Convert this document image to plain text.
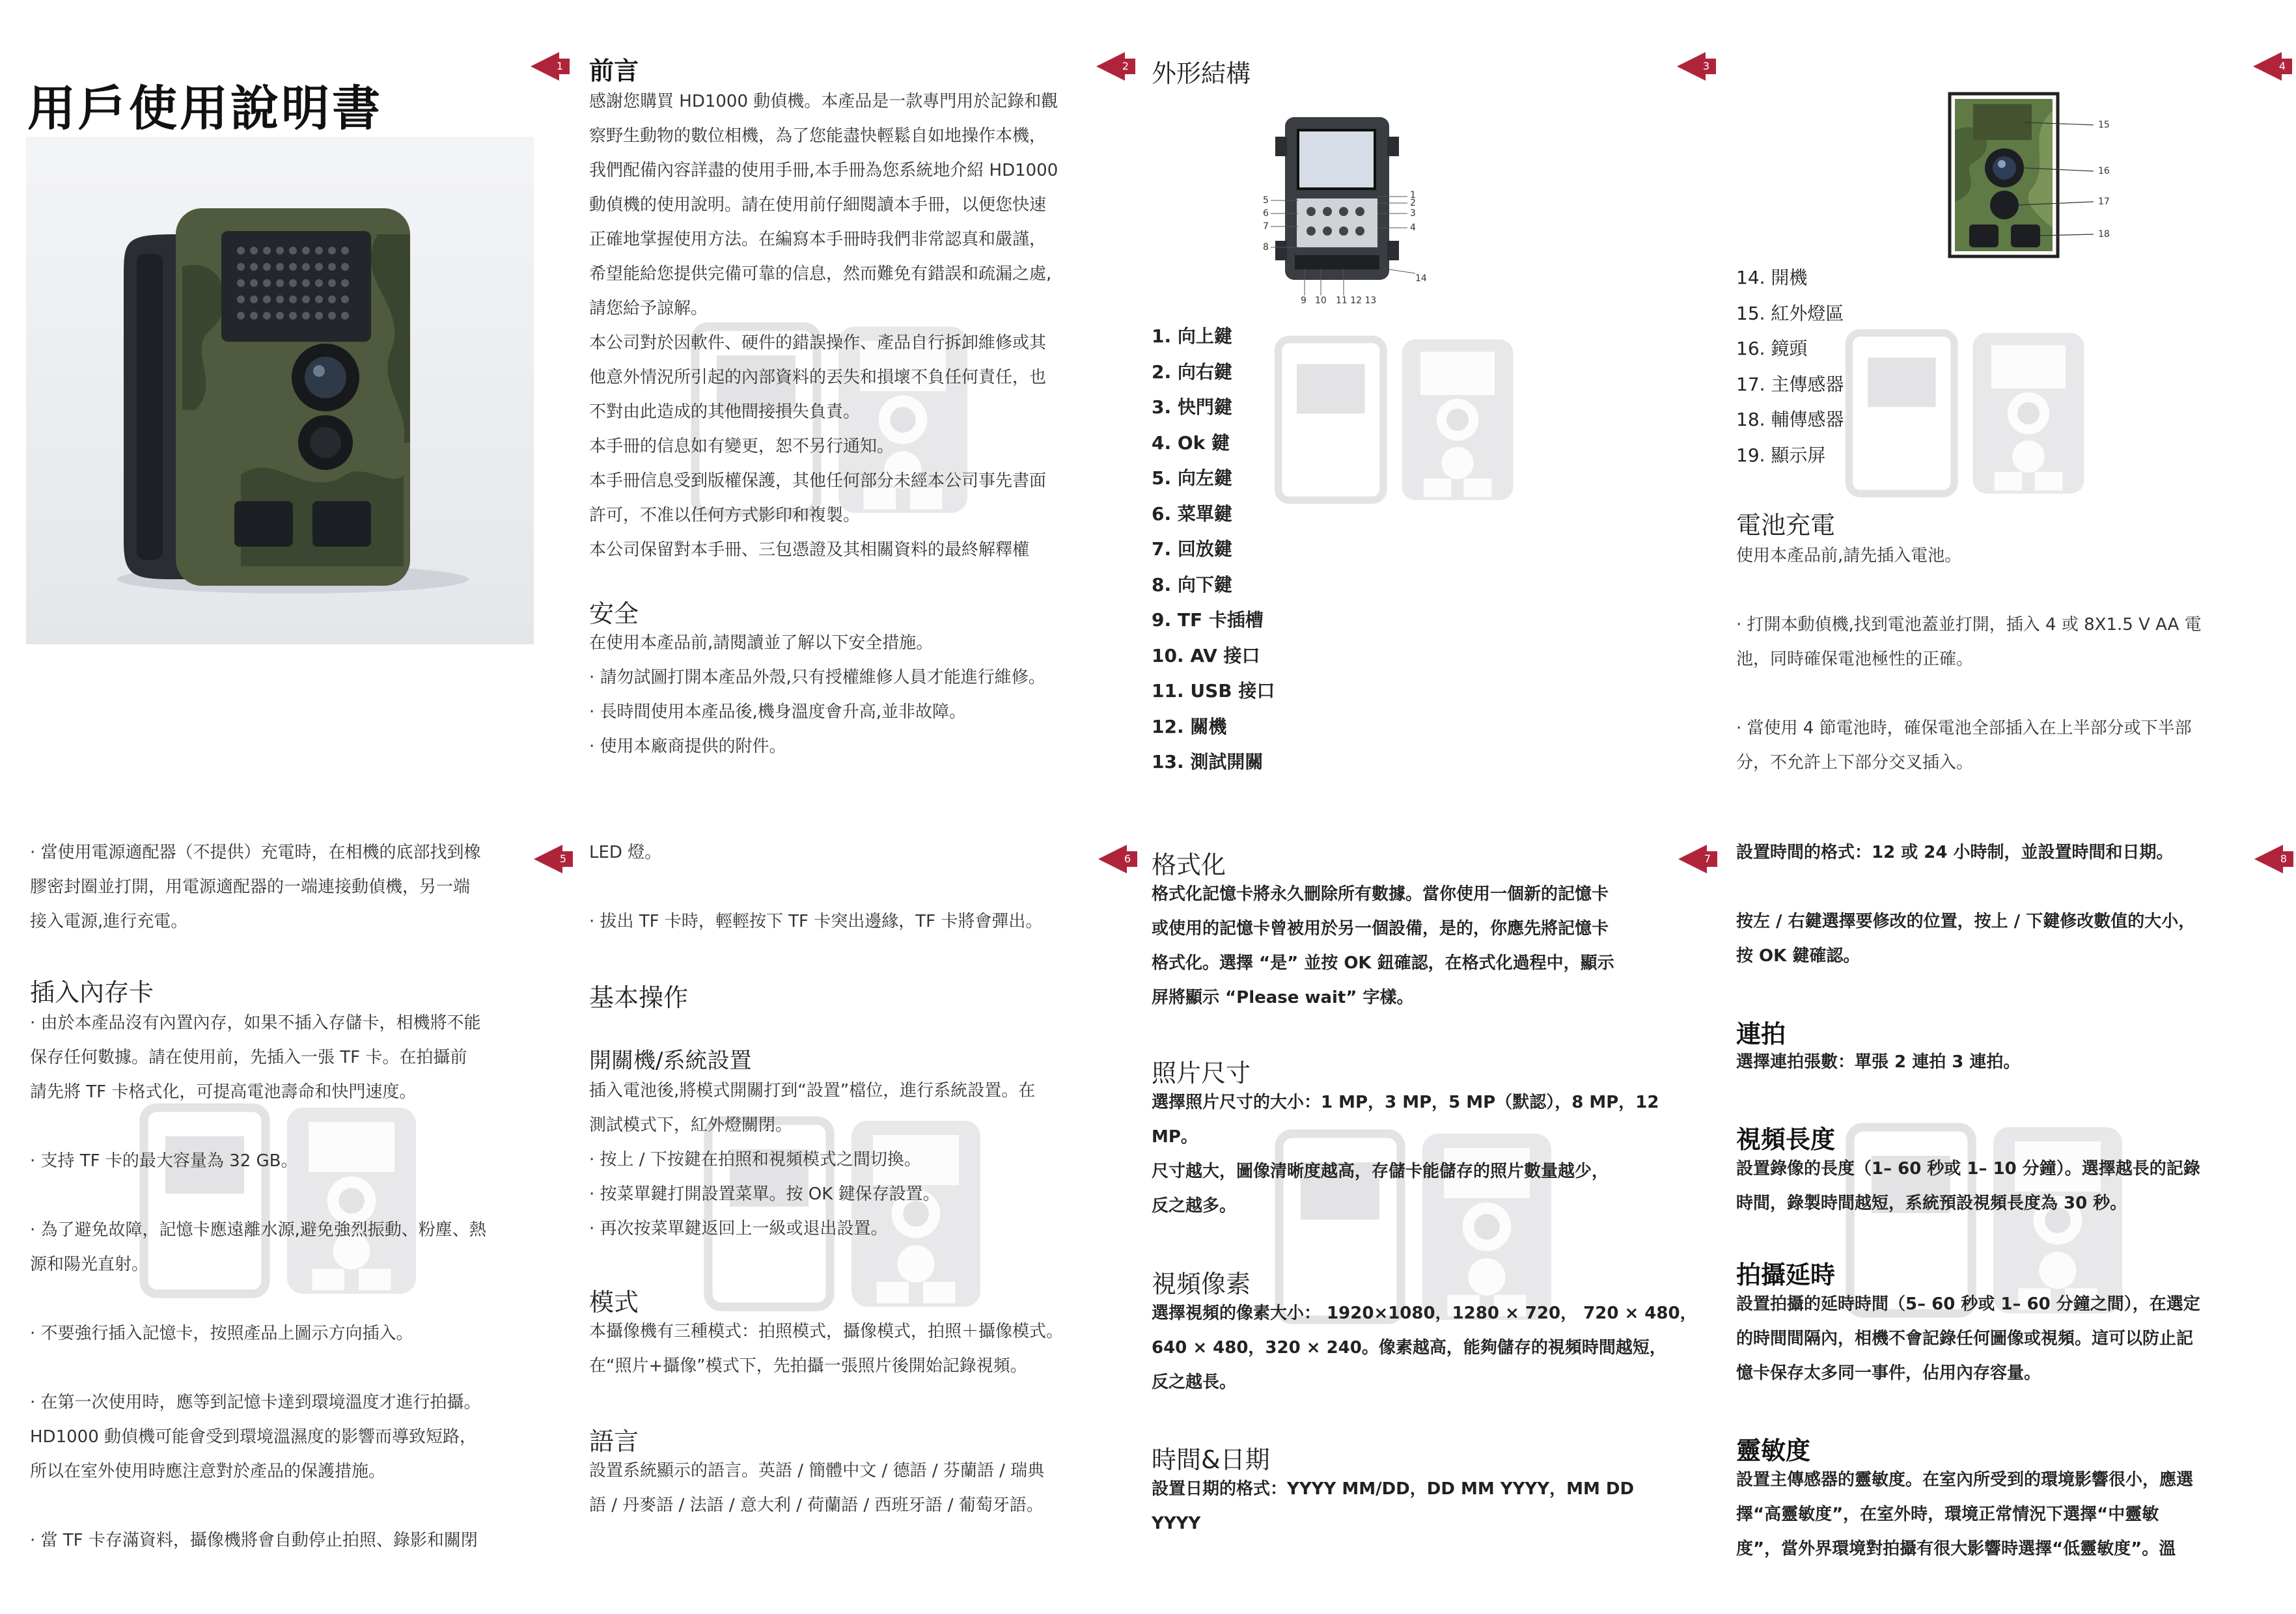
用戶使用說明書
1 前言
感謝您購買 HD1000 動偵機。本產品是一款專門用於記錄和觀
察野生動物的數位相機，為了您能盡快輕鬆自如地操作本機，
我們配備內容詳盡的使用手冊,本手冊為您系統地介紹 HD1000
動偵機的使用說明。請在使用前仔細閱讀本手冊，以便您快速
正確地掌握使用方法。在編寫本手冊時我們非常認真和嚴謹，
希望能給您提供完備可靠的信息，然而難免有錯誤和疏漏之處,
請您給予諒解。
本公司對於因軟件、硬件的錯誤操作、產品自行拆卸維修或其
他意外情況所引起的內部資料的丟失和損壞不負任何責任，也
不對由此造成的其他間接損失負責。
本手冊的信息如有變更，恕不另行通知。
本手冊信息受到版權保護，其他任何部分未經本公司事先書面
許可，不准以任何方式影印和複製。
本公司保留對本手冊、三包憑證及其相關資料的最終解釋權
安全
在使用本產品前,請閱讀並了解以下安全措施。
· 請勿試圖打開本產品外殼,只有授權維修人員才能進行維修。
· 長時間使用本產品後,機身溫度會升高,並非故障。
· 使用本廠商提供的附件。
2 外形結構
5
6
7
8
1
2
3
4
9 10 11 12 13
14
1. 向上鍵
2. 向右鍵
3. 快門鍵
4. Ok 鍵
5. 向左鍵
6. 菜單鍵
7. 回放鍵
8. 向下鍵
9. TF 卡插槽
10. AV 接口
11. USB 接口
12. 關機
13. 測試開關
3	4
15
16
17
18
14. 開機
15. 紅外燈區
16. 鏡頭
17. 主傳感器
18. 輔傳感器
19. 顯示屏
電池充電
使用本產品前,請先插入電池。

· 打開本動偵機,找到電池蓋並打開，插入 4 或 8X1.5 V AA 電
池，同時確保電池極性的正確。

· 當使用 4 節電池時，確保電池全部插入在上半部分或下半部
分，不允許上下部分交叉插入。
5
· 當使用電源適配器（不提供）充電時，在相機的底部找到橡
膠密封圈並打開，用電源適配器的一端連接動偵機，另一端
接入電源,進行充電。
插入內存卡
· 由於本產品沒有內置內存，如果不插入存儲卡，相機將不能
保存任何數據。請在使用前，先插入一張 TF 卡。在拍攝前
請先將 TF 卡格式化，可提高電池壽命和快門速度。

· 支持 TF 卡的最大容量為 32 GB。

· 為了避免故障，記憶卡應遠離水源,避免強烈振動、粉塵、熱
源和陽光直射。

· 不要強行插入記憶卡，按照產品上圖示方向插入。

· 在第一次使用時，應等到記憶卡達到環境溫度才進行拍攝。
HD1000 動偵機可能會受到環境溫濕度的影響而導致短路，
所以在室外使用時應注意對於產品的保護措施。

· 當 TF 卡存滿資料，攝像機將會自動停止拍照、錄影和關閉
6
LED 燈。

· 拔出 TF 卡時，輕輕按下 TF 卡突出邊緣，TF 卡將會彈出。
基本操作
開關機/系統設置
插入電池後,將模式開關打到“設置”檔位，進行系統設置。在
測試模式下，紅外燈關閉。
· 按上 / 下按鍵在拍照和視頻模式之間切換。
· 按菜單鍵打開設置菜單。按 OK 鍵保存設置。
· 再次按菜單鍵返回上一級或退出設置。
模式
本攝像機有三種模式：拍照模式，攝像模式，拍照＋攝像模式。
在“照片+攝像”模式下，先拍攝一張照片後開始記錄視頻。
語言
設置系統顯示的語言。英語 / 簡體中文 / 德語 / 芬蘭語 / 瑞典
語 / 丹麥語 / 法語 / 意大利 / 荷蘭語 / 西班牙語 / 葡萄牙語。
7
格式化
格式化記憶卡將永久刪除所有數據。當你使用一個新的記憶卡
或使用的記憶卡曾被用於另一個設備，是的，你應先將記憶卡
格式化。選擇 “是” 並按 OK 鈕確認，在格式化過程中，顯示
屏將顯示 “Please wait” 字樣。
照片尺寸
選擇照片尺寸的大小：1 MP，3 MP，5 MP（默認），8 MP，12
MP。
尺寸越大，圖像清晰度越高，存儲卡能儲存的照片數量越少，
反之越多。
視頻像素
選擇視頻的像素大小： 1920×1080，1280 × 720， 720 × 480，
640 × 480，320 × 240。像素越高，能夠儲存的視頻時間越短，
反之越長。
時間&日期
設置日期的格式：YYYY MM/DD，DD MM YYYY，MM DD
YYYY
8
設置時間的格式：12 或 24 小時制，並設置時間和日期。

按左 / 右鍵選擇要修改的位置，按上 / 下鍵修改數值的大小，
按 OK 鍵確認。
連拍
選擇連拍張數：單張 2 連拍 3 連拍。
視頻長度
設置錄像的長度（1– 60 秒或 1– 10 分鐘）。選擇越長的記錄
時間，錄製時間越短，系統預設視頻長度為 30 秒。
拍攝延時
設置拍攝的延時時間（5– 60 秒或 1– 60 分鐘之間），在選定
的時間間隔內，相機不會記錄任何圖像或視頻。這可以防止記
憶卡保存太多同一事件，佔用內存容量。
靈敏度
設置主傳感器的靈敏度。在室內所受到的環境影響很小，應選
擇“高靈敏度”，在室外時，環境正常情況下選擇“中靈敏
度”，當外界環境對拍攝有很大影響時選擇“低靈敏度”。溫
